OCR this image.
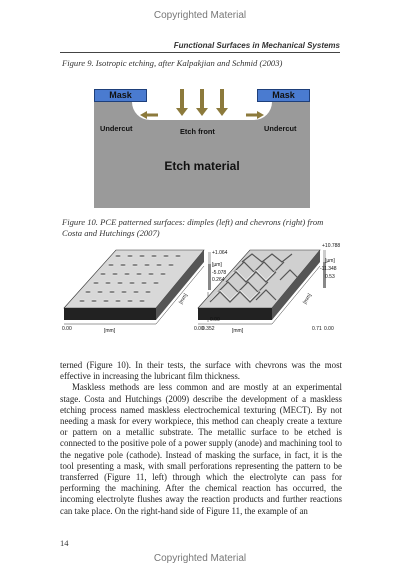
Copyrighted Material
Functional Surfaces in Mechanical Systems
Figure 9. Isotropic etching, after Kalpakjian and Schmid (2003)
Mask	Mask
Undercut	Undercut
Etch front
Etch material
Figure 10. PCE patterned surfaces: dimples (left) and chevrons (right) from Costa and Hutchings (2007)
+1.064
[µm]
-5.078
0.264
0.00
[mm]
0.00	[mm]	0.352
+10.788
[µm]
-11.348
0.53
[mm]
0.00	[mm]	0.71 0.00

terned (Figure 10). In their tests, the surface with chevrons was the most effective in increasing the lubricant film thickness.

Maskless methods are less common and are mostly at an experimental stage. Costa and Hutchings (2009) describe the development of a maskless etching process named maskless electrochemical texturing (MECT). By not needing a mask for every workpiece, this method can cheaply create a texture or pattern on a metallic substrate. The metallic surface to be etched is connected to the positive pole of a power supply (anode) and machining tool to the negative pole (cathode). Instead of masking the surface, in fact, it is the tool presenting a mask, with small perforations representing the pattern to be transferred (Figure 11, left) through which the electrolyte can pass for performing the machining. After the chemical reaction has occurred, the incoming electrolyte flushes away the reaction products and further reactions can take place. On the right-hand side of Figure 11, the example of an

14
Copyrighted Material
